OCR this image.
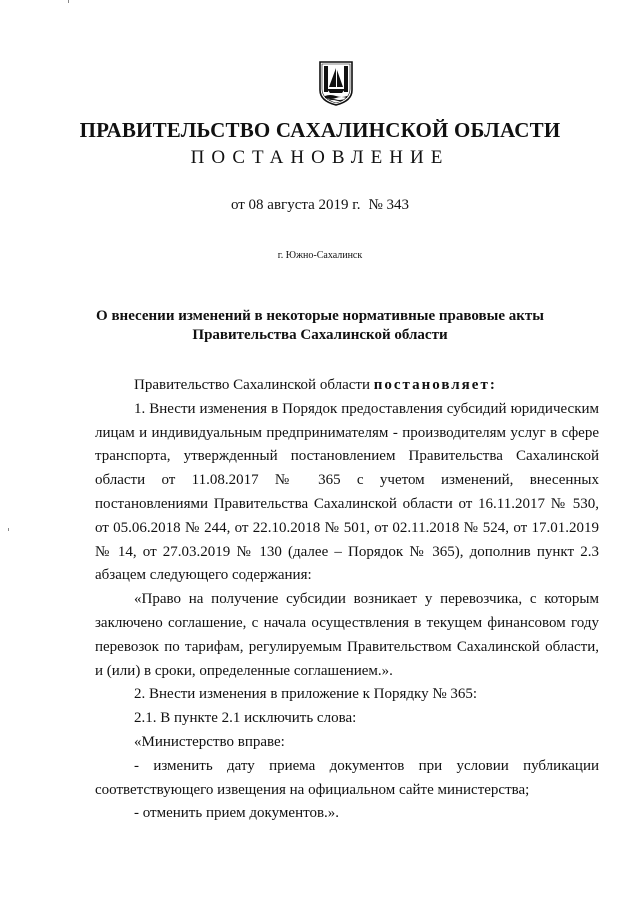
ПРАВИТЕЛЬСТВО САХАЛИНСКОЙ ОБЛАСТИ
ПОСТАНОВЛЕНИЕ
от 08 августа 2019 г. № 343
г. Южно-Сахалинск
О внесении изменений в некоторые нормативные правовые акты
Правительства Сахалинской области

Правительство Сахалинской области постановляет:

1. Внести изменения в Порядок предоставления субсидий юридическим лицам и индивидуальным предпринимателям - производителям услуг в сфере транспорта, утвержденный постановлением Правительства Сахалинской области от 11.08.2017 № 365 с учетом изменений, внесенных постановлениями Правительства Сахалинской области от 16.11.2017 № 530, от 05.06.2018 № 244, от 22.10.2018 № 501, от 02.11.2018 № 524, от 17.01.2019 № 14, от 27.03.2019 № 130 (далее – Порядок № 365), дополнив пункт 2.3 абзацем следующего содержания:

«Право на получение субсидии возникает у перевозчика, с которым заключено соглашение, с начала осуществления в текущем финансовом году перевозок по тарифам, регулируемым Правительством Сахалинской области, и (или) в сроки, определенные соглашением.».

2. Внести изменения в приложение к Порядку № 365:

2.1. В пункте 2.1 исключить слова:

«Министерство вправе:

- изменить дату приема документов при условии публикации соответствующего извещения на официальном сайте министерства;

- отменить прием документов.».
